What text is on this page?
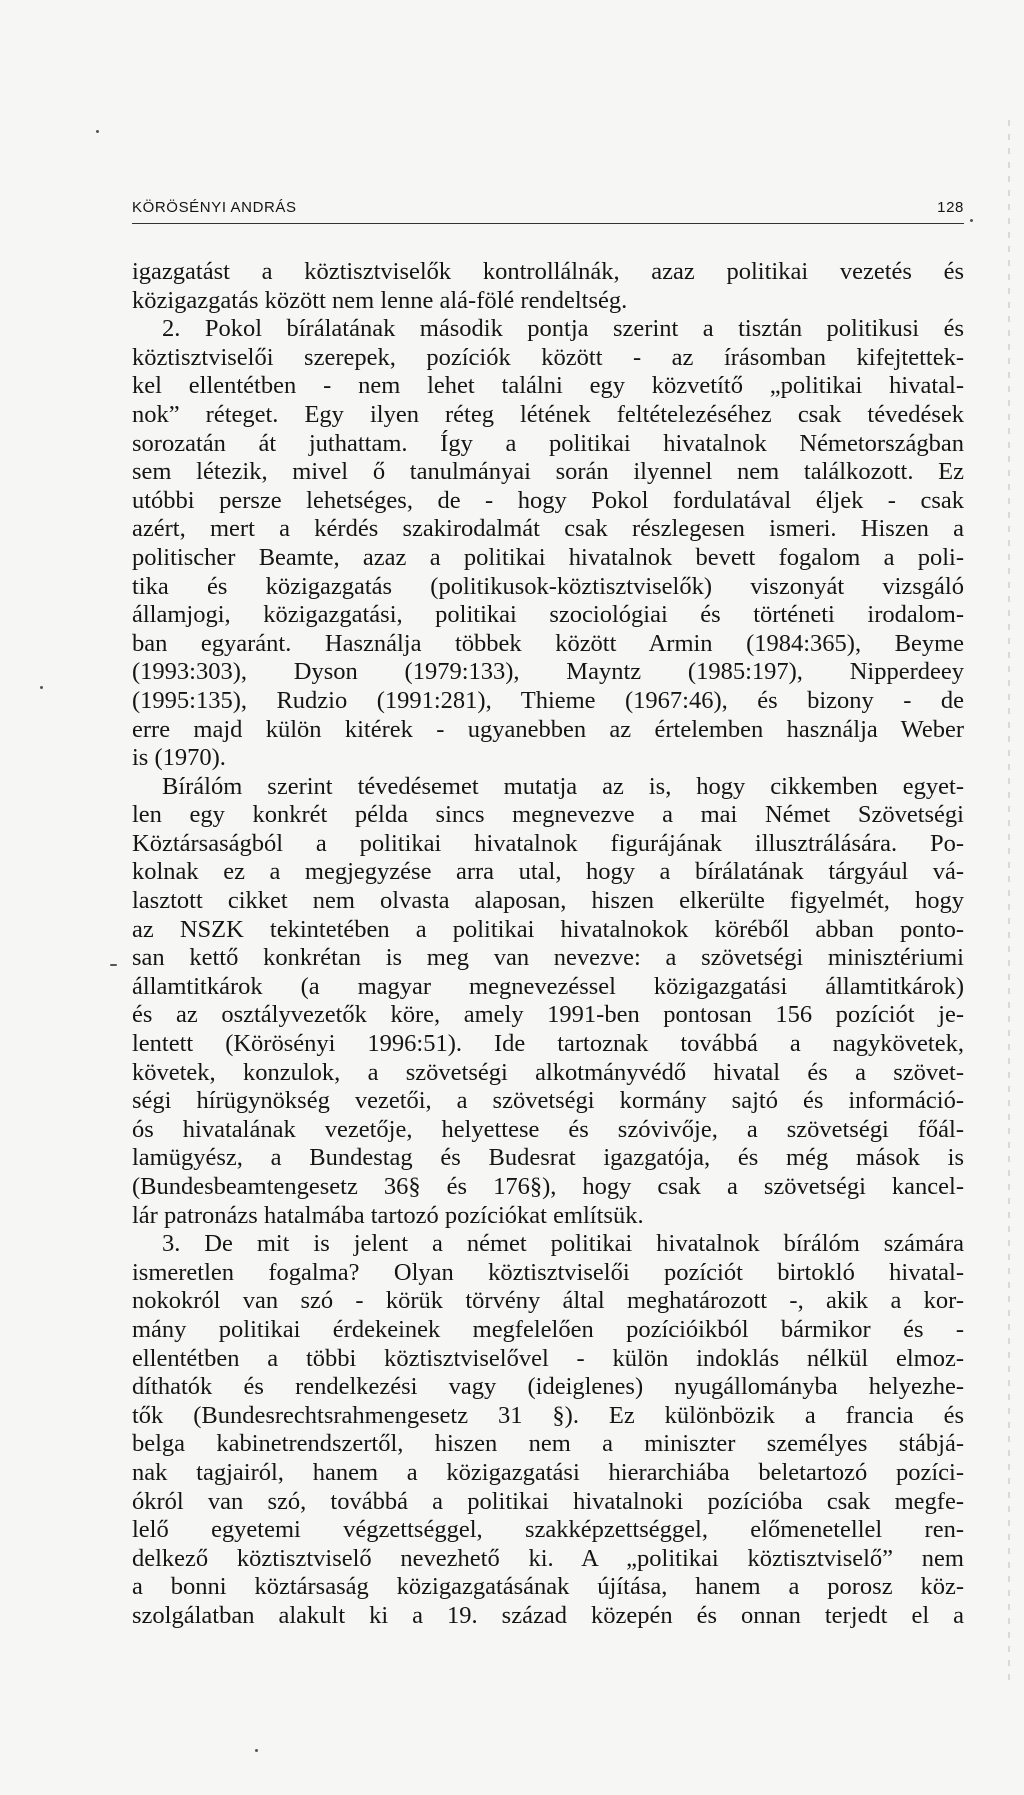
KÖRÖSÉNYI ANDRÁS	128
igazgatást a köztisztviselők kontrollálnák, azaz politikai vezetés és
közigazgatás között nem lenne alá-fölé rendeltség.
2. Pokol bírálatának második pontja szerint a tisztán politikusi és
köztisztviselői szerepek, pozíciók között - az írásomban kifejtettek-
kel ellentétben - nem lehet találni egy közvetítő „politikai hivatal-
nok” réteget. Egy ilyen réteg létének feltételezéséhez csak tévedések
sorozatán át juthattam. Így a politikai hivatalnok Németországban
sem létezik, mivel ő tanulmányai során ilyennel nem találkozott. Ez
utóbbi persze lehetséges, de - hogy Pokol fordulatával éljek - csak
azért, mert a kérdés szakirodalmát csak részlegesen ismeri. Hiszen a
politischer Beamte, azaz a politikai hivatalnok bevett fogalom a poli-
tika és közigazgatás (politikusok-köztisztviselők) viszonyát vizsgáló
államjogi, közigazgatási, politikai szociológiai és történeti irodalom-
ban egyaránt. Használja többek között Armin (1984:365), Beyme
(1993:303), Dyson (1979:133), Mayntz (1985:197), Nipperdeey
(1995:135), Rudzio (1991:281), Thieme (1967:46), és bizony - de
erre majd külön kitérek - ugyanebben az értelemben használja Weber
is (1970).
Bírálóm szerint tévedésemet mutatja az is, hogy cikkemben egyet-
len egy konkrét példa sincs megnevezve a mai Német Szövetségi
Köztársaságból a politikai hivatalnok figurájának illusztrálására. Po-
kolnak ez a megjegyzése arra utal, hogy a bírálatának tárgyául vá-
lasztott cikket nem olvasta alaposan, hiszen elkerülte figyelmét, hogy
az NSZK tekintetében a politikai hivatalnokok köréből abban ponto-
san kettő konkrétan is meg van nevezve: a szövetségi minisztériumi
államtitkárok (a magyar megnevezéssel közigazgatási államtitkárok)
és az osztályvezetők köre, amely 1991-ben pontosan 156 pozíciót je-
lentett (Körösényi 1996:51). Ide tartoznak továbbá a nagykövetek,
követek, konzulok, a szövetségi alkotmányvédő hivatal és a szövet-
ségi hírügynökség vezetői, a szövetségi kormány sajtó és információ-
ós hivatalának vezetője, helyettese és szóvivője, a szövetségi főál-
lamügyész, a Bundestag és Budesrat igazgatója, és még mások is
(Bundesbeamtengesetz 36§ és 176§), hogy csak a szövetségi kancel-
lár patronázs hatalmába tartozó pozíciókat említsük.
3. De mit is jelent a német politikai hivatalnok bírálóm számára
ismeretlen fogalma? Olyan köztisztviselői pozíciót birtokló hivatal-
nokokról van szó - körük törvény által meghatározott -, akik a kor-
mány politikai érdekeinek megfelelően pozícióikból bármikor és -
ellentétben a többi köztisztviselővel - külön indoklás nélkül elmoz-
díthatók és rendelkezési vagy (ideiglenes) nyugállományba helyezhe-
tők (Bundesrechtsrahmengesetz 31 §). Ez különbözik a francia és
belga kabinetrendszertől, hiszen nem a miniszter személyes stábjá-
nak tagjairól, hanem a közigazgatási hierarchiába beletartozó pozíci-
ókról van szó, továbbá a politikai hivatalnoki pozícióba csak megfe-
lelő egyetemi végzettséggel, szakképzettséggel, előmenetellel ren-
delkező köztisztviselő nevezhető ki. A „politikai köztisztviselő” nem
a bonni köztársaság közigazgatásának újítása, hanem a porosz köz-
szolgálatban alakult ki a 19. század közepén és onnan terjedt el a
